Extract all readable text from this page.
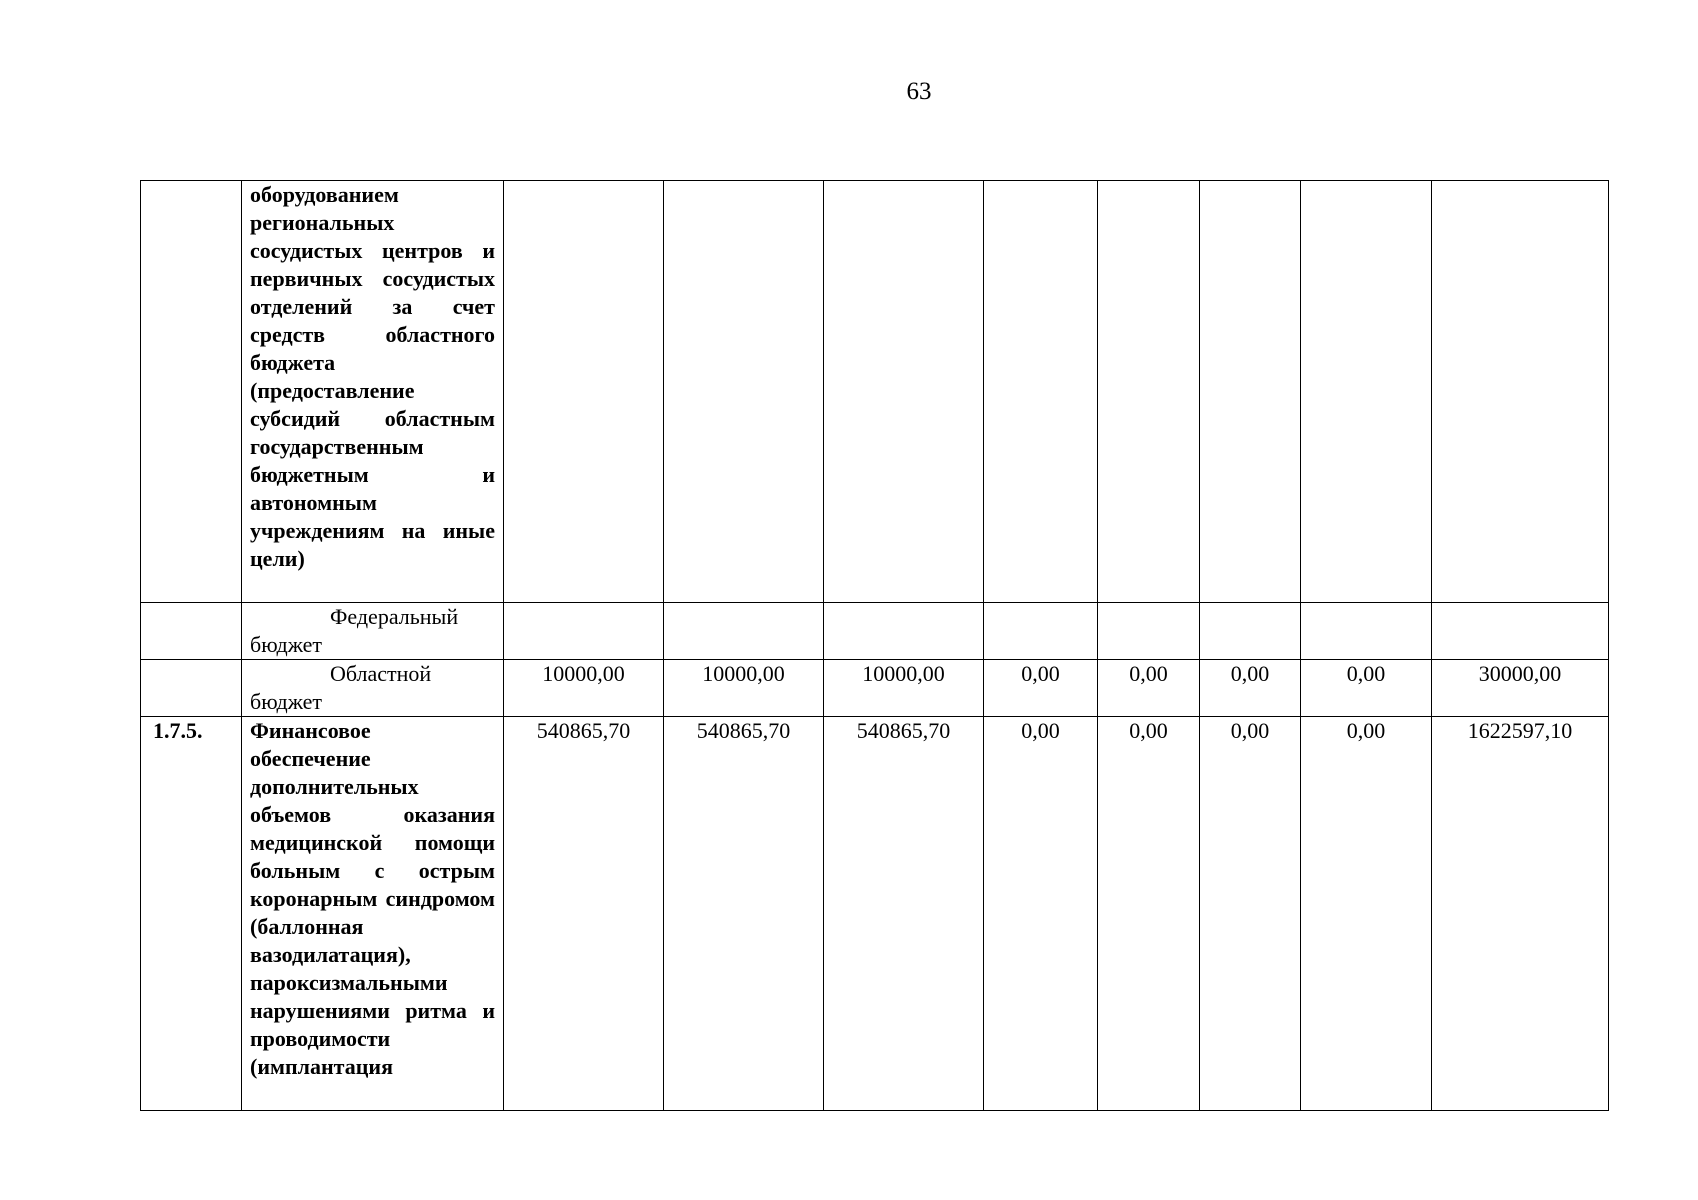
63
	оборудованием региональных сосудистых центров и первичных сосудистых отделений за счет средств областного бюджета (предоставление субсидий областным государственным бюджетным и автономным учреждениям на иные цели)								
	Федеральный бюджет								
	Областной бюджет	10000,00	10000,00	10000,00	0,00	0,00	0,00	0,00	30000,00
1.7.5.	Финансовое обеспечение дополнительных объемов оказания медицинской помощи больным с острым коронарным синдромом (баллонная вазодилатация), пароксизмальными нарушениями ритма и проводимости (имплантация	540865,70	540865,70	540865,70	0,00	0,00	0,00	0,00	1622597,10
